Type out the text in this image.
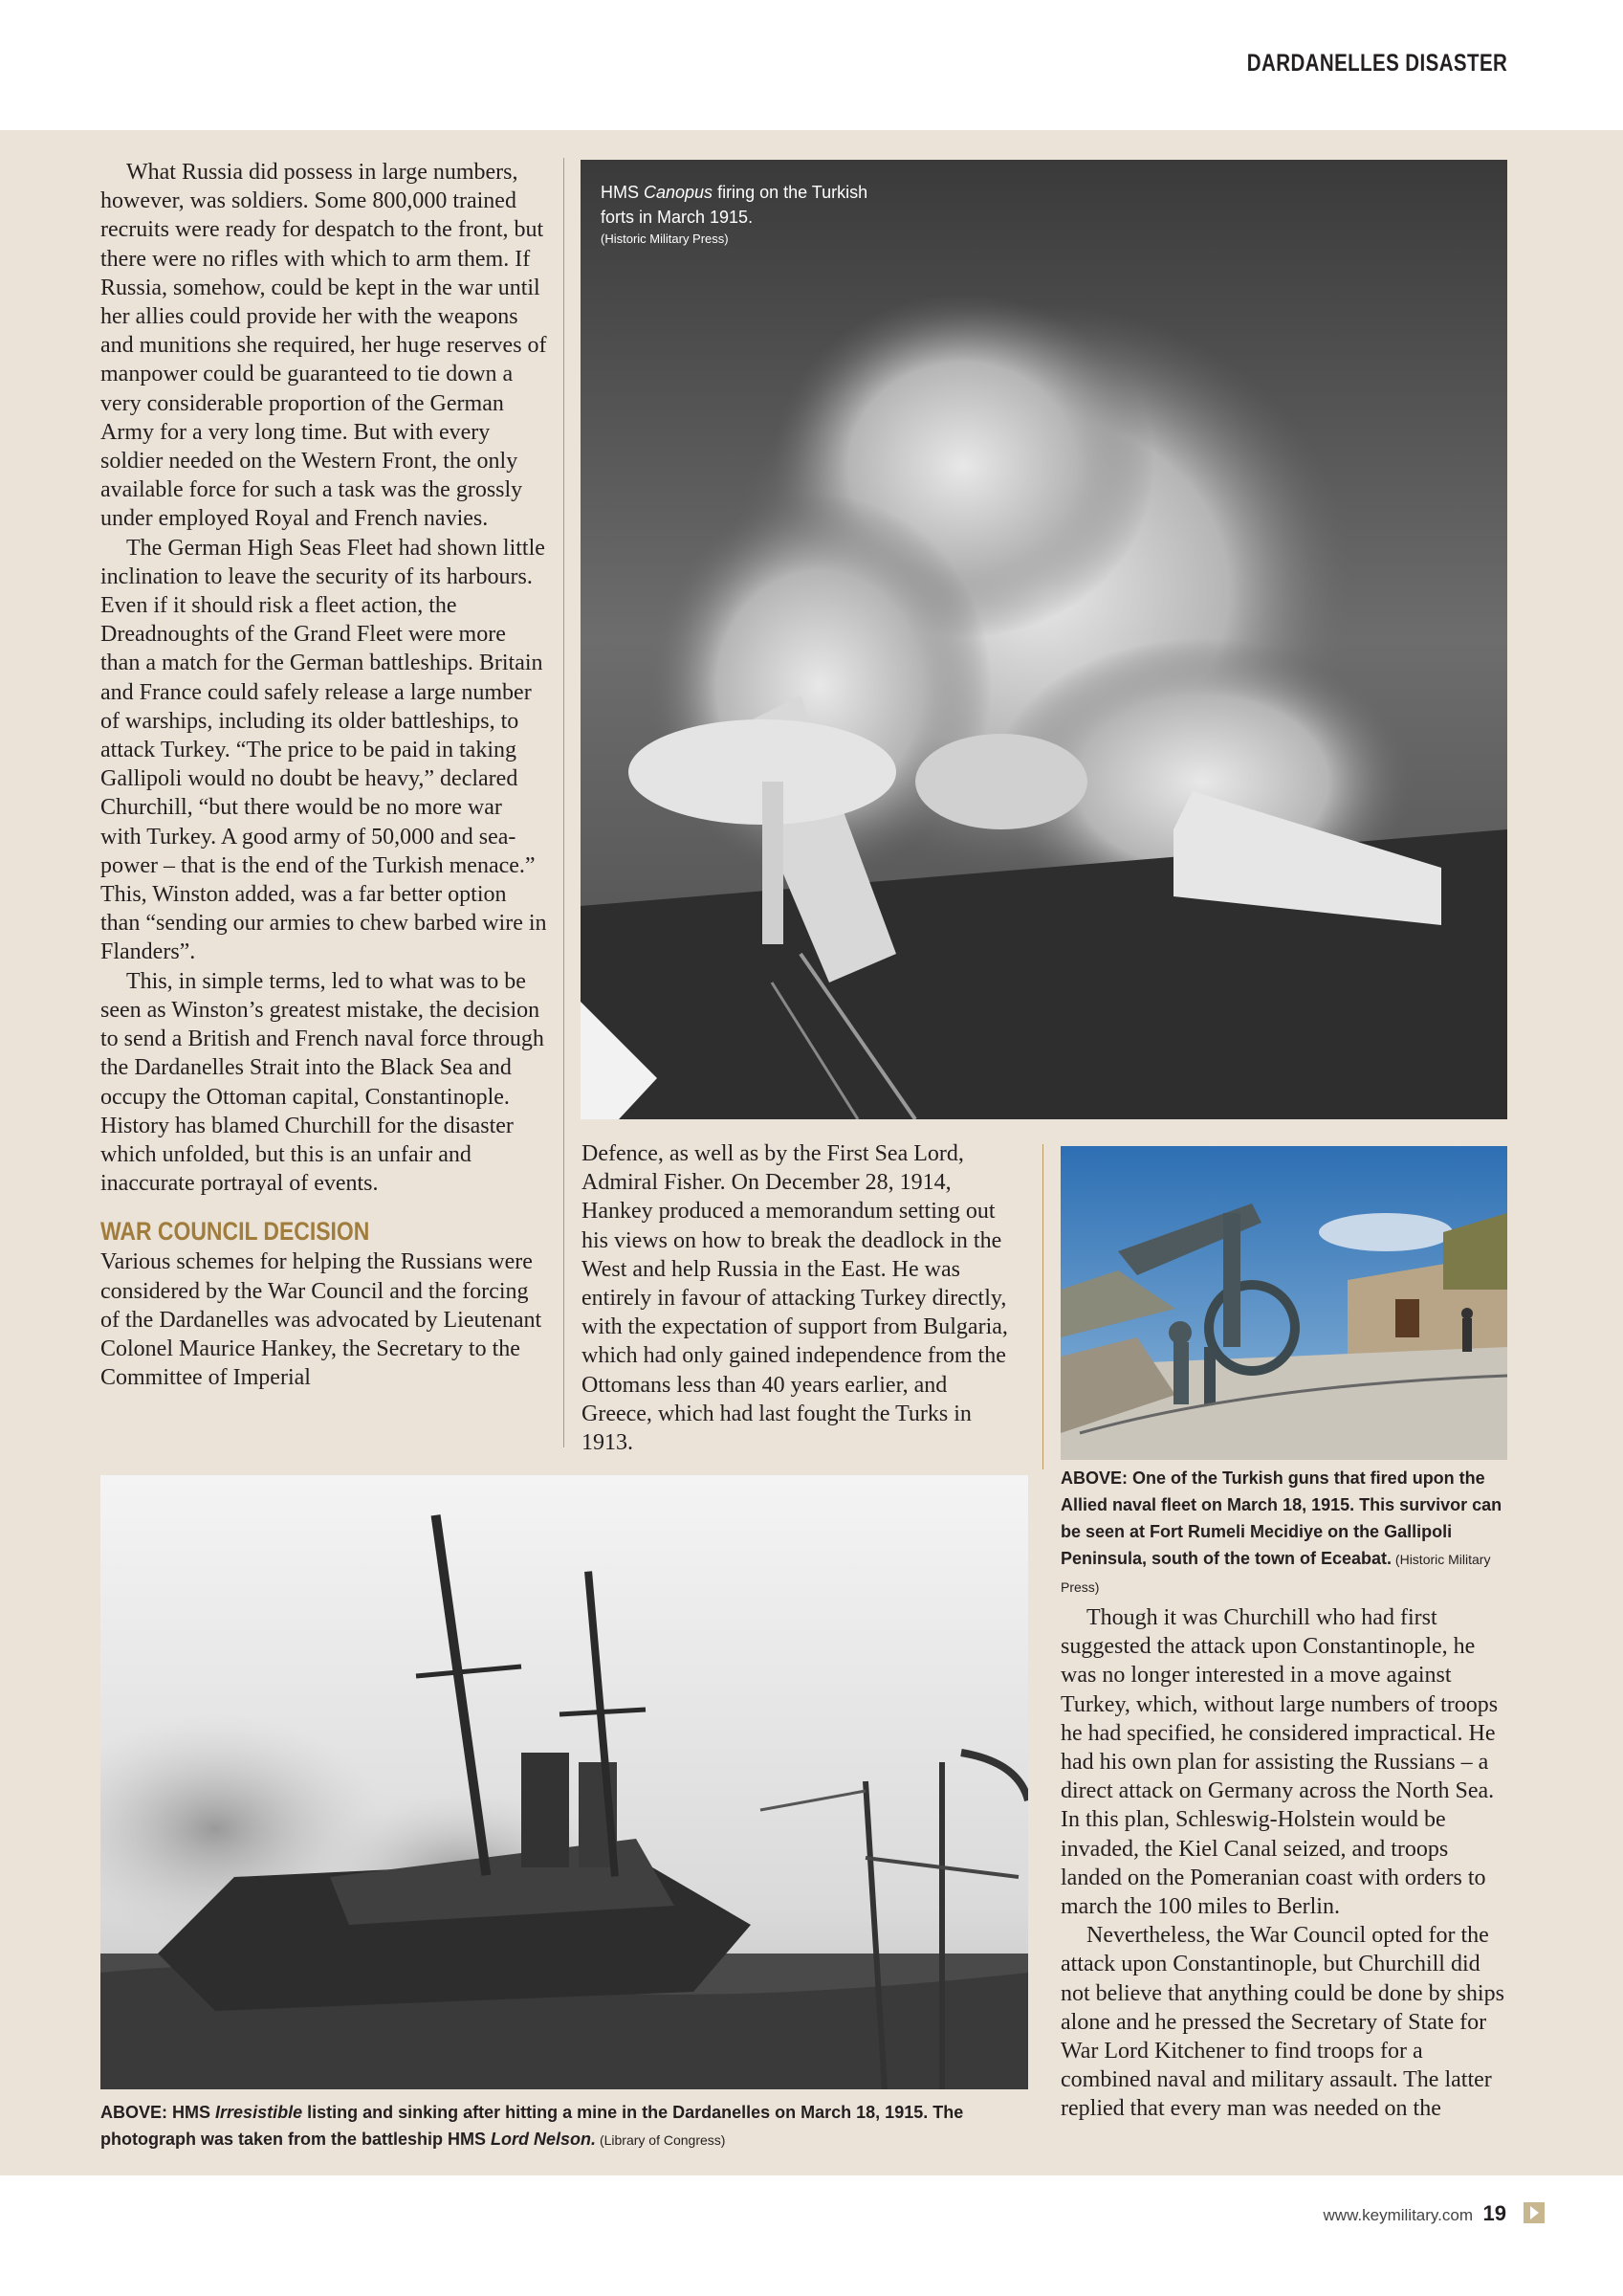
DARDANELLES DISASTER

What Russia did possess in large numbers, however, was soldiers. Some 800,000 trained recruits were ready for despatch to the front, but there were no rifles with which to arm them. If Russia, somehow, could be kept in the war until her allies could provide her with the weapons and munitions she required, her huge reserves of manpower could be guaranteed to tie down a very considerable proportion of the German Army for a very long time. But with every soldier needed on the Western Front, the only available force for such a task was the grossly under employed Royal and French navies.

The German High Seas Fleet had shown little inclination to leave the security of its harbours. Even if it should risk a fleet action, the Dreadnoughts of the Grand Fleet were more than a match for the German battleships. Britain and France could safely release a large number of warships, including its older battleships, to attack Turkey. “The price to be paid in taking Gallipoli would no doubt be heavy,” declared Churchill, “but there would be no more war with Turkey. A good army of 50,000 and sea-power – that is the end of the Turkish menace.” This, Winston added, was a far better option than “sending our armies to chew barbed wire in Flanders”.

This, in simple terms, led to what was to be seen as Winston’s greatest mistake, the decision to send a British and French naval force through the Dardanelles Strait into the Black Sea and occupy the Ottoman capital, Constantinople. History has blamed Churchill for the disaster which unfolded, but this is an unfair and inaccurate portrayal of events.

WAR COUNCIL DECISION

Various schemes for helping the Russians were considered by the War Council and the forcing of the Dardanelles was advocated by Lieutenant Colonel Maurice Hankey, the Secretary to the Committee of Imperial

HMS Canopus firing on the Turkish forts in March 1915.
(Historic Military Press)

Defence, as well as by the First Sea Lord, Admiral Fisher. On December 28, 1914, Hankey produced a memorandum setting out his views on how to break the deadlock in the West and help Russia in the East. He was entirely in favour of attacking Turkey directly, with the expectation of support from Bulgaria, which had only gained independence from the Ottomans less than 40 years earlier, and Greece, which had last fought the Turks in 1913.

ABOVE: One of the Turkish guns that fired upon the Allied naval fleet on March 18, 1915. This survivor can be seen at Fort Rumeli Mecidiye on the Gallipoli Peninsula, south of the town of Eceabat. (Historic Military Press)

Though it was Churchill who had first suggested the attack upon Constantinople, he was no longer interested in a move against Turkey, which, without large numbers of troops he had specified, he considered impractical. He had his own plan for assisting the Russians – a direct attack on Germany across the North Sea. In this plan, Schleswig-Holstein would be invaded, the Kiel Canal seized, and troops landed on the Pomeranian coast with orders to march the 100 miles to Berlin.

Nevertheless, the War Council opted for the attack upon Constantinople, but Churchill did not believe that anything could be done by ships alone and he pressed the Secretary of State for War Lord Kitchener to find troops for a combined naval and military assault. The latter replied that every man was needed on the

ABOVE: HMS Irresistible listing and sinking after hitting a mine in the Dardanelles on March 18, 1915. The photograph was taken from the battleship HMS Lord Nelson. (Library of Congress)
www.keymilitary.com 19
